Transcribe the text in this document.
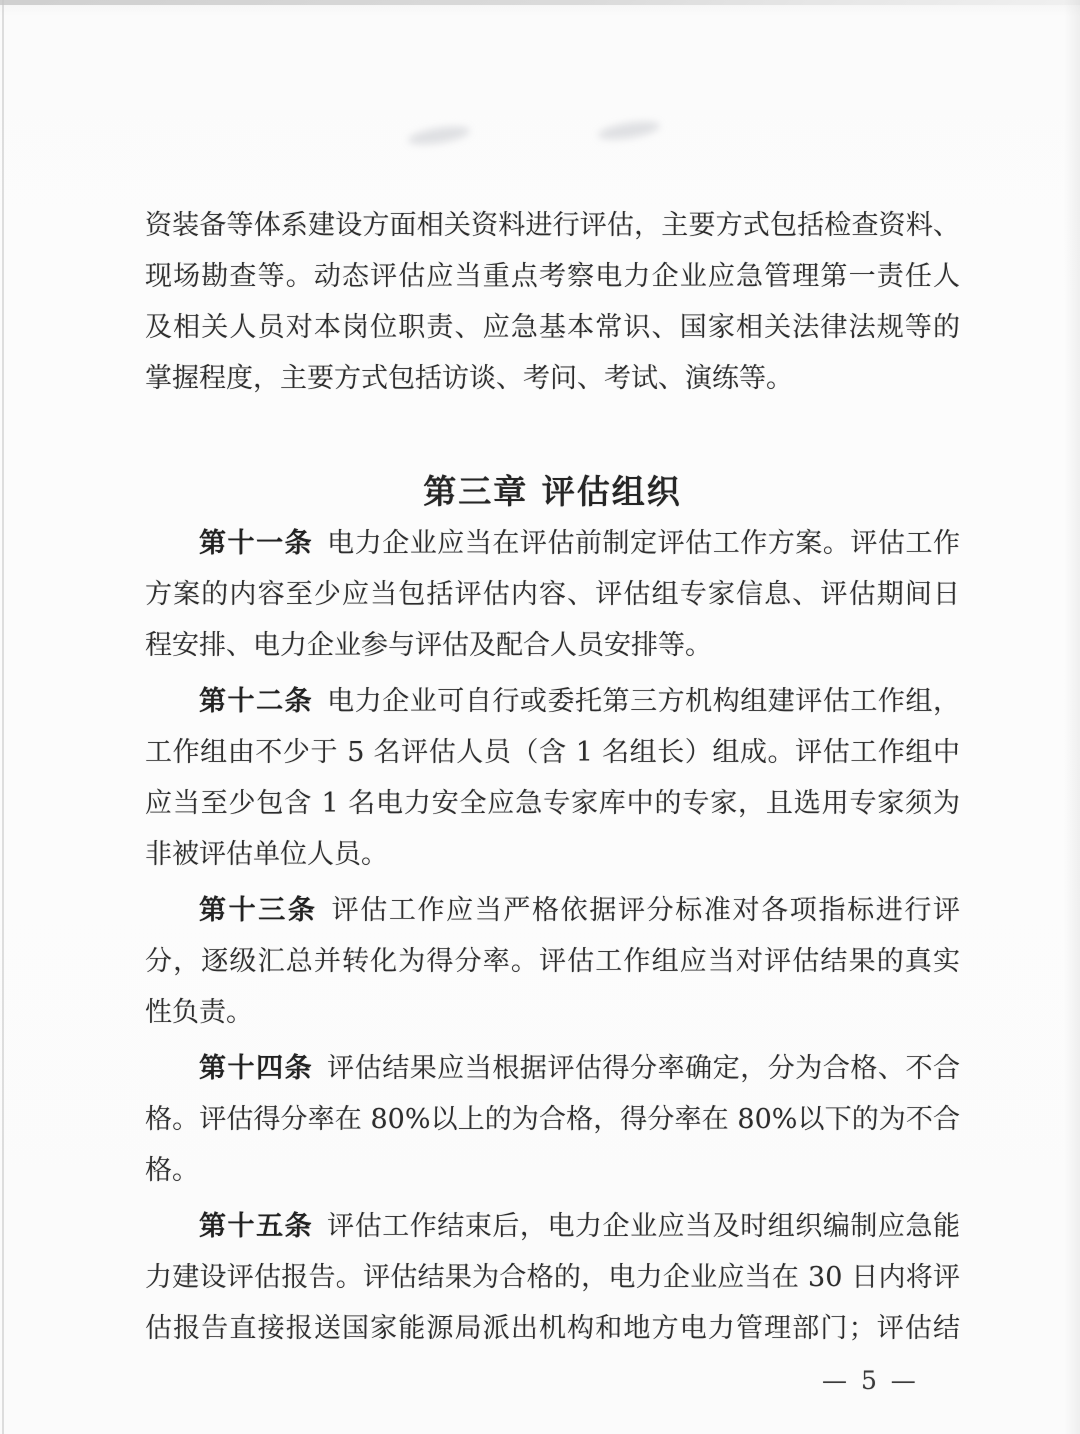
资装备等体系建设方面相关资料进行评估，主要方式包括检查资料、
现场勘查等。动态评估应当重点考察电力企业应急管理第一责任人
及相关人员对本岗位职责、应急基本常识、国家相关法律法规等的
掌握程度，主要方式包括访谈、考问、考试、演练等。
第三章 评估组织
第十一条 电力企业应当在评估前制定评估工作方案。评估工作
方案的内容至少应当包括评估内容、评估组专家信息、评估期间日
程安排、电力企业参与评估及配合人员安排等。
第十二条 电力企业可自行或委托第三方机构组建评估工作组，
工作组由不少于 5 名评估人员（含 1 名组长）组成。评估工作组中
应当至少包含 1 名电力安全应急专家库中的专家，且选用专家须为
非被评估单位人员。
第十三条 评估工作应当严格依据评分标准对各项指标进行评
分，逐级汇总并转化为得分率。评估工作组应当对评估结果的真实
性负责。
第十四条 评估结果应当根据评估得分率确定，分为合格、不合
格。评估得分率在 80%以上的为合格，得分率在 80%以下的为不合
格。
第十五条 评估工作结束后，电力企业应当及时组织编制应急能
力建设评估报告。评估结果为合格的，电力企业应当在 30 日内将评
估报告直接报送国家能源局派出机构和地方电力管理部门；评估结
— 5 —
